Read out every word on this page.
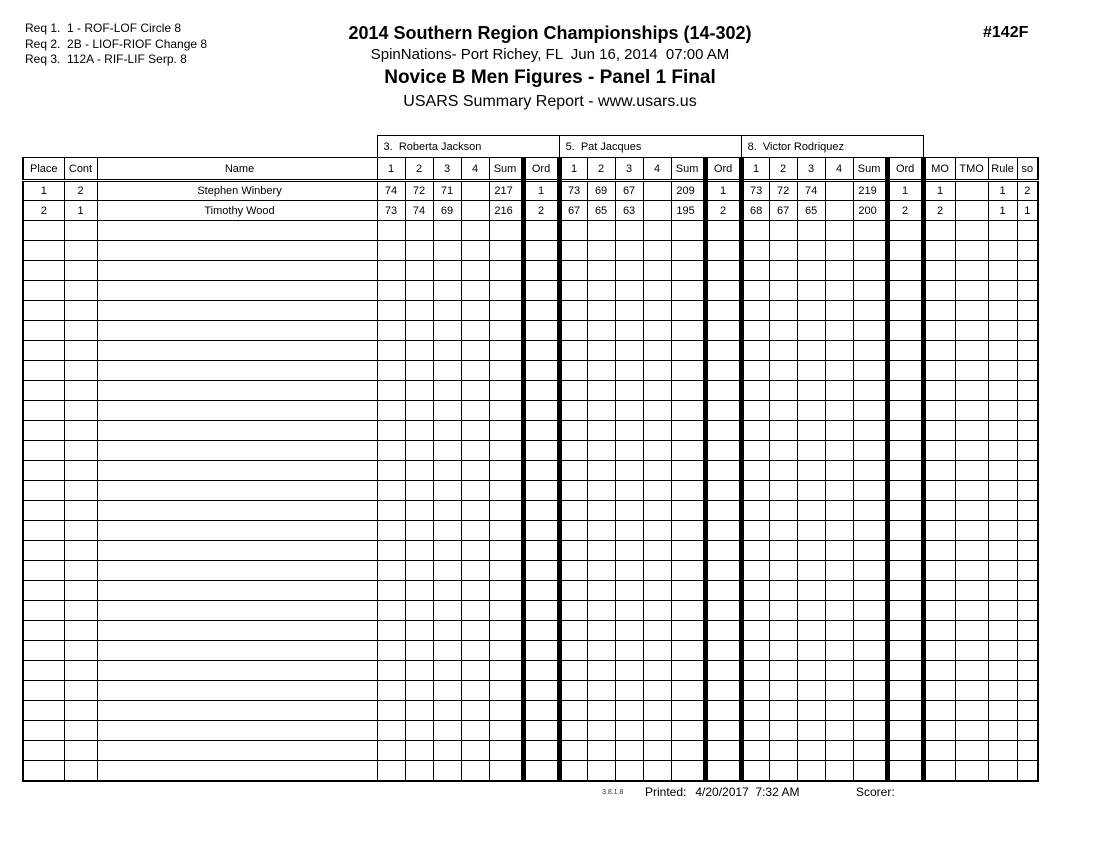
Req 1.  1 - ROF-LOF Circle 8
Req 2.  2B - LIOF-RIOF Change 8
Req 3.  112A - RIF-LIF Serp. 8
2014 Southern Region Championships (14-302)
SpinNations- Port Richey, FL  Jun 16, 2014  07:00 AM
Novice B Men Figures - Panel 1 Final
USARS Summary Report - www.usars.us
#142F
			3.  Roberta Jackson						5.  Pat Jacques						8.  Victor Rodriquez									
Place	Cont	Name	1	2	3	4	Sum	Ord	1	2	3	4	Sum	Ord	1	2	3	4	Sum	Ord	MO	TMO	Rule	so
1	2	Stephen Winbery	74	72	71		217	1	73	69	67		209	1	73	72	74		219	1	1		1	2
2	1	Timothy Wood	73	74	69		216	2	67	65	63		195	2	68	67	65		200	2	2		1	1

3.8.1.8 Printed: 4/20/2017  7:32 AM	Scorer:
